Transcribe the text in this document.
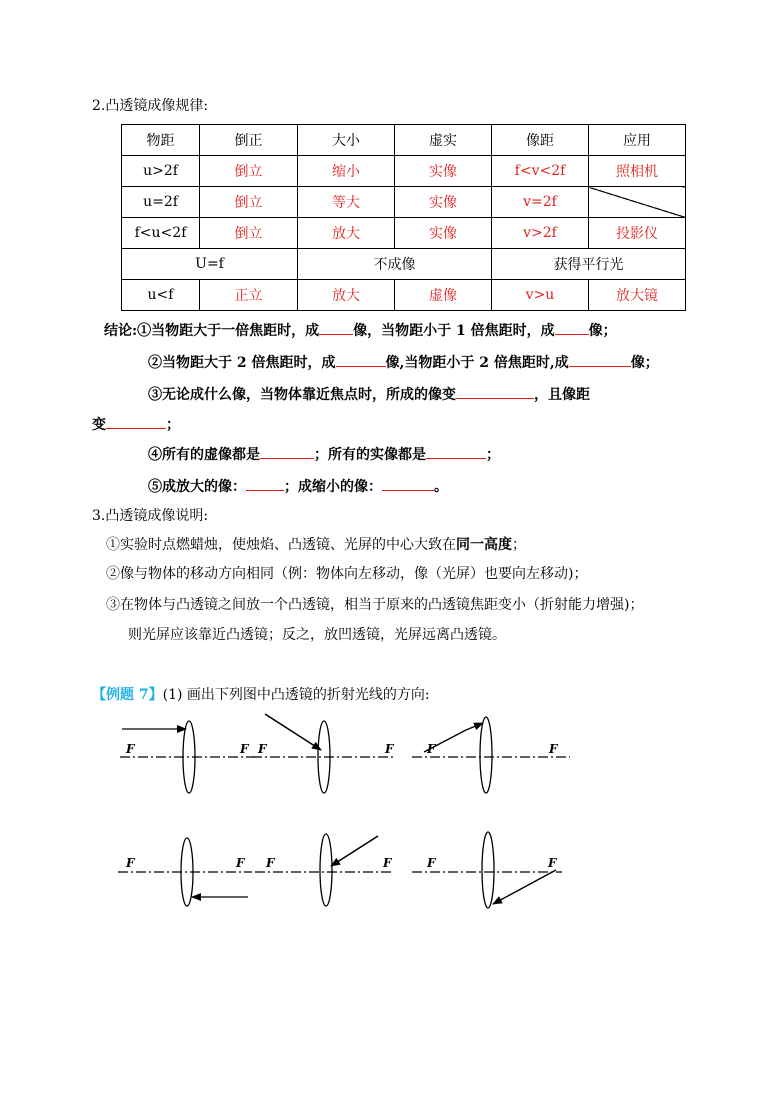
2.凸透镜成像规律:
物距	倒正	大小	虚实	像距	应用
u>2f	倒立	缩小	实像	f<v<2f	照相机
u=2f	倒立	等大	实像	v=2f	
f<u<2f	倒立	放大	实像	v>2f	投影仪
U=f		不成像		获得平行光	
u<f	正立	放大	虚像	v>u	放大镜
结论:①当物距大于一倍焦距时，成 像，当物距小于 1 倍焦距时，成 像；
②当物距大于 2 倍焦距时，成	像,当物距小于 2 倍焦距时,成	像；
③无论成什么像，当物体靠近焦点时，所成的像变	，且像距
变	；
④所有的虚像都是	；所有的实像都是	；
⑤成放大的像：	；成缩小的像：	。
3.凸透镜成像说明:
①实验时点燃蜡烛，使烛焰、凸透镜、光屏的中心大致在同一高度；
②像与物体的移动方向相同（例：物体向左移动，像（光屏）也要向左移动)；
③在物体与凸透镜之间放一个凸透镜，相当于原来的凸透镜焦距变小（折射能力增强)；
则光屏应该靠近凸透镜；反之，放凹透镜，光屏远离凸透镜。
【例题 7】(1) 画出下列图中凸透镜的折射光线的方向:
F	F F	F	F	F
F	F F	F	F	F
